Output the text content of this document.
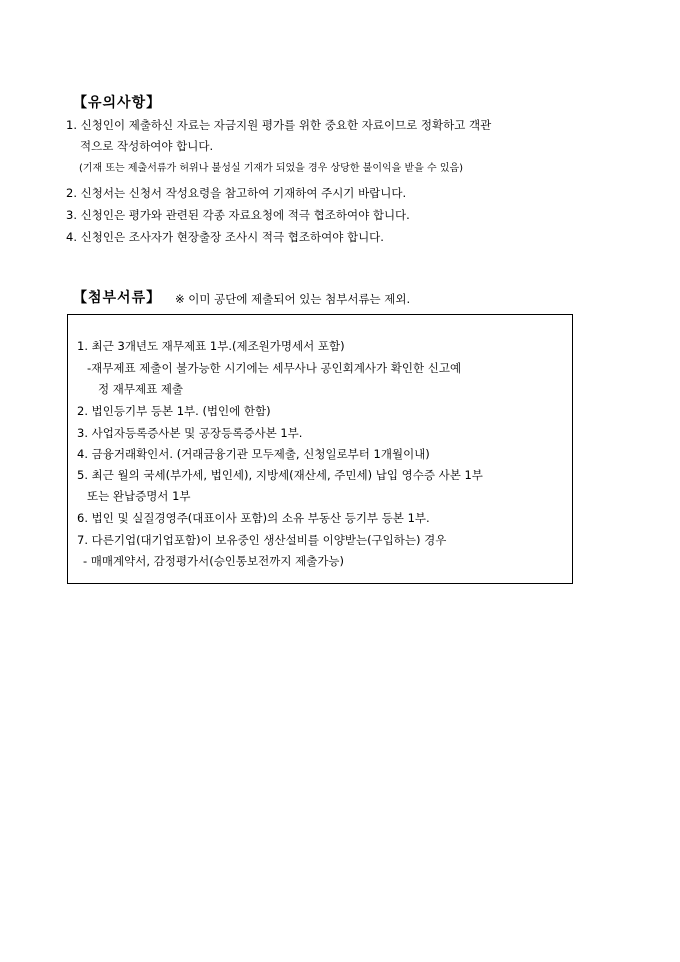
【유의사항】
1. 신청인이 제출하신 자료는 자금지원 평가를 위한 중요한 자료이므로 정확하고 객관
적으로 작성하여야 합니다.
(기재 또는 제출서류가 허위나 불성실 기재가 되었을 경우 상당한 불이익을 받을 수 있음)
2. 신청서는 신청서 작성요령을 참고하여 기재하여 주시기 바랍니다.
3. 신청인은 평가와 관련된 각종 자료요청에 적극 협조하여야 합니다.
4. 신청인은 조사자가 현장출장 조사시 적극 협조하여야 합니다.
【첨부서류】 ※ 이미 공단에 제출되어 있는 첨부서류는 제외.
1. 최근 3개년도 재무제표 1부.(제조원가명세서 포함)
-재무제표 제출이 불가능한 시기에는 세무사나 공인회계사가 확인한 신고예
정 재무제표 제출
2. 법인등기부 등본 1부. (법인에 한함)
3. 사업자등록증사본 및 공장등록증사본 1부.
4. 금융거래확인서. (거래금융기관 모두제출, 신청일로부터 1개월이내)
5. 최근 월의 국세(부가세, 법인세), 지방세(재산세, 주민세) 납입 영수증 사본 1부
또는 완납증명서 1부
6. 법인 및 실질경영주(대표이사 포함)의 소유 부동산 등기부 등본 1부.
7. 다른기업(대기업포함)이 보유중인 생산설비를 이양받는(구입하는) 경우
- 매매계약서, 감정평가서(승인통보전까지 제출가능)
